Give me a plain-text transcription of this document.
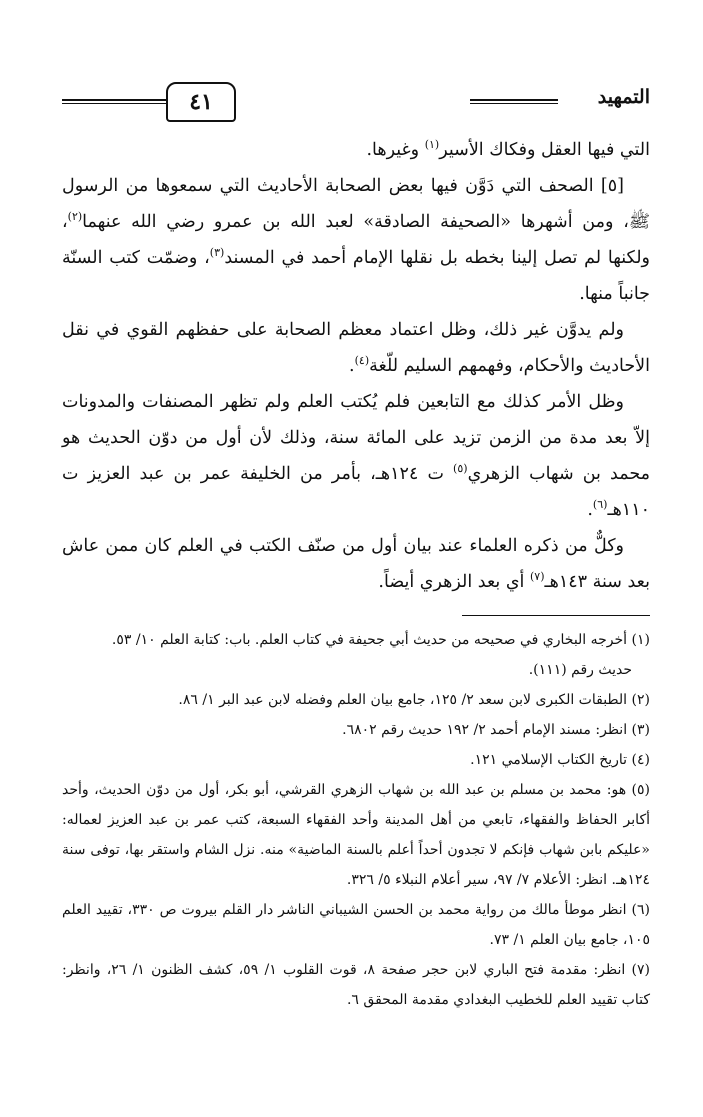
التمهيد
٤١

التي فيها العقل وفكاك الأسير$^{(١)}$ وغيرها.

[٥] الصحف التي دَوَّن فيها بعض الصحابة الأحاديث التي سمعوها من الرسول ﷺ، ومن أشهرها «الصحيفة الصادقة» لعبد الله بن عمرو رضي الله عنهما$^{(٢)}$، ولكنها لم تصل إلينا بخطه بل نقلها الإمام أحمد في المسند$^{(٣)}$، وضمّت كتب السنّة جانباً منها.

ولم يدوَّن غير ذلك، وظل اعتماد معظم الصحابة على حفظهم القوي في نقل الأحاديث والأحكام، وفهمهم السليم للّغة$^{(٤)}$.

وظل الأمر كذلك مع التابعين فلم يُكتب العلم ولم تظهر المصنفات والمدونات إلاّ بعد مدة من الزمن تزيد على المائة سنة، وذلك لأن أول من دوّن الحديث هو محمد بن شهاب الزهري$^{(٥)}$ ت ١٢٤هـ، بأمر من الخليفة عمر بن عبد العزيز ت ١١٠هـ$^{(٦)}$.

وكلٌّ من ذكره العلماء عند بيان أول من صنّف الكتب في العلم كان ممن عاش بعد سنة ١٤٣هـ$^{(٧)}$ أي بعد الزهري أيضاً.

(١) أخرجه البخاري في صحيحه من حديث أبي جحيفة في كتاب العلم. باب: كتابة العلم ١٠/ ٥٣.

حديث رقم (١١١).

(٢) الطبقات الكبرى لابن سعد ٢/ ١٢٥، جامع بيان العلم وفضله لابن عبد البر ١/ ٨٦.

(٣) انظر: مسند الإمام أحمد ٢/ ١٩٢ حديث رقم ٦٨٠٢.

(٤) تاريخ الكتاب الإسلامي ١٢١.

(٥) هو: محمد بن مسلم بن عبد الله بن شهاب الزهري القرشي، أبو بكر، أول من دوّن الحديث، وأحد أكابر الحفاظ والفقهاء، تابعي من أهل المدينة وأحد الفقهاء السبعة، كتب عمر بن عبد العزيز لعماله: «عليكم بابن شهاب فإنكم لا تجدون أحداً أعلم بالسنة الماضية» منه. نزل الشام واستقر بها، توفى سنة ١٢٤هـ. انظر: الأعلام ٧/ ٩٧، سير أعلام النبلاء ٥/ ٣٢٦.

(٦) انظر موطأ مالك من رواية محمد بن الحسن الشيباني الناشر دار القلم بيروت ص ٣٣٠، تقييد العلم ١٠٥، جامع بيان العلم ١/ ٧٣.

(٧) انظر: مقدمة فتح الباري لابن حجر صفحة ٨، قوت القلوب ١/ ٥٩، كشف الظنون ١/ ٢٦، وانظر: كتاب تقييد العلم للخطيب البغدادي مقدمة المحقق ٦.
